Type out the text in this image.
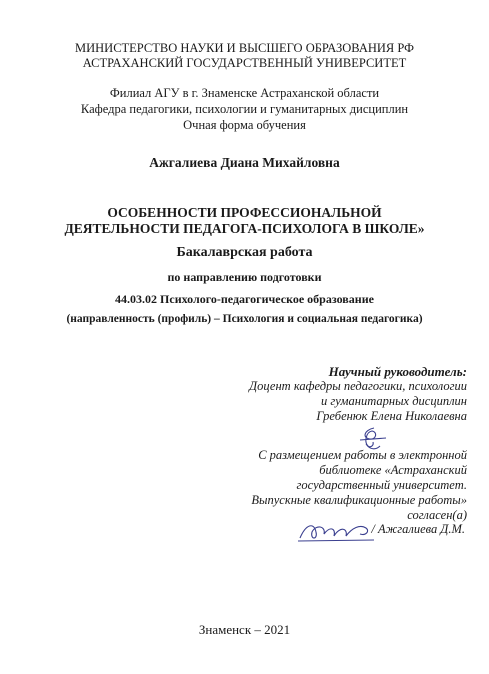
МИНИСТЕРСТВО НАУКИ И ВЫСШЕГО ОБРАЗОВАНИЯ РФ
АСТРАХАНСКИЙ ГОСУДАРСТВЕННЫЙ УНИВЕРСИТЕТ
Филиал АГУ в г. Знаменске Астраханской области
Кафедра педагогики, психологии и гуманитарных дисциплин
Очная форма обучения
Ажгалиева Диана Михайловна
ОСОБЕННОСТИ ПРОФЕССИОНАЛЬНОЙ
ДЕЯТЕЛЬНОСТИ ПЕДАГОГА-ПСИХОЛОГА В ШКОЛЕ»
Бакалаврская работа
по направлению подготовки
44.03.02 Психолого-педагогическое образование
(направленность (профиль) – Психология и социальная педагогика)
Научный руководитель:
Доцент кафедры педагогики, психологии
и гуманитарных дисциплин
Гребенюк Елена Николаевна
С размещением работы в электронной
библиотеке «Астраханский
государственный университет.
Выпускные квалификационные работы»
согласен(а)
/ Ажгалиева Д.М.
Знаменск – 2021
